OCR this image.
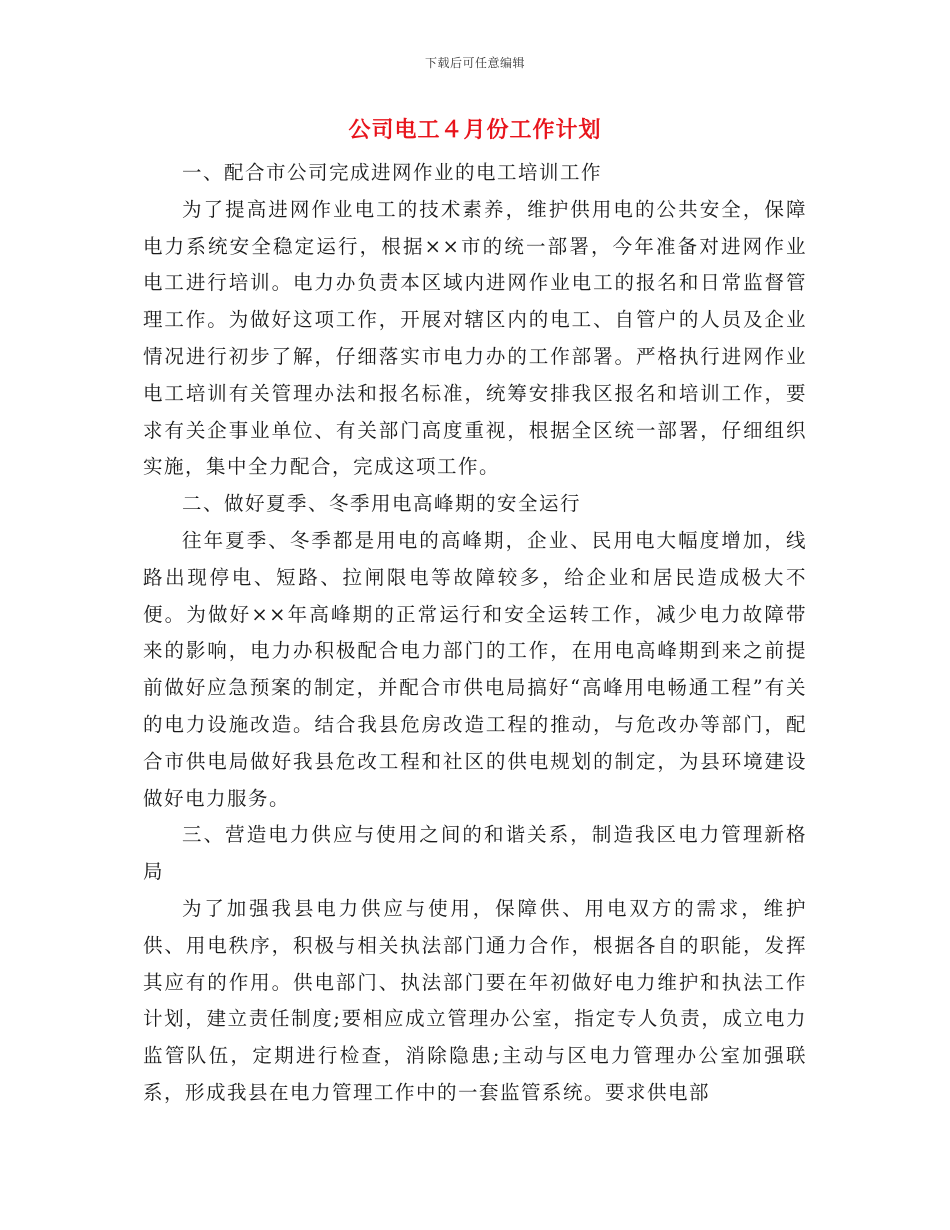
下载后可任意编辑
公司电工４月份工作计划

一、配合市公司完成进网作业的电工培训工作

为了提高进网作业电工的技术素养，维护供用电的公共安全，保障电力系统安全稳定运行，根据××市的统一部署，今年准备对进网作业电工进行培训。电力办负责本区域内进网作业电工的报名和日常监督管理工作。为做好这项工作，开展对辖区内的电工、自管户的人员及企业情况进行初步了解，仔细落实市电力办的工作部署。严格执行进网作业电工培训有关管理办法和报名标准，统筹安排我区报名和培训工作，要求有关企事业单位、有关部门高度重视，根据全区统一部署，仔细组织实施，集中全力配合，完成这项工作。

二、做好夏季、冬季用电高峰期的安全运行

往年夏季、冬季都是用电的高峰期，企业、民用电大幅度增加，线路出现停电、短路、拉闸限电等故障较多，给企业和居民造成极大不便。为做好××年高峰期的正常运行和安全运转工作，减少电力故障带来的影响，电力办积极配合电力部门的工作，在用电高峰期到来之前提前做好应急预案的制定，并配合市供电局搞好“高峰用电畅通工程”有关的电力设施改造。结合我县危房改造工程的推动，与危改办等部门，配合市供电局做好我县危改工程和社区的供电规划的制定，为县环境建设做好电力服务。

三、营造电力供应与使用之间的和谐关系，制造我区电力管理新格局

为了加强我县电力供应与使用，保障供、用电双方的需求，维护供、用电秩序，积极与相关执法部门通力合作，根据各自的职能，发挥其应有的作用。供电部门、执法部门要在年初做好电力维护和执法工作计划，建立责任制度;要相应成立管理办公室，指定专人负责，成立电力监管队伍，定期进行检查，消除隐患;主动与区电力管理办公室加强联系，形成我县在电力管理工作中的一套监管系统。要求供电部
